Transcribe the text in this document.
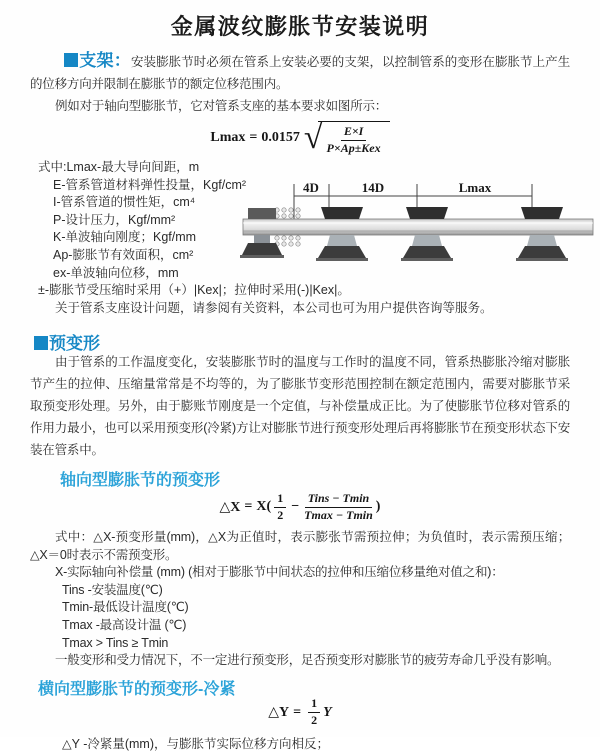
金属波纹膨胀节安装说明

支架：安装膨胀节时必须在管系上安装必要的支架，以控制管系的变形在膨胀节上产生的位移方向并限制在膨胀节的额定位移范围内。

例如对于轴向型膨胀节，它对管系支座的基本要求如图所示：

Lmax = 0.0157 √ $\frac{E\times I}{\text{P×Ap±Kex}}$
式中:Lmax-最大导向间距，m
E-管系管道材料弹性投量，Kgf/cm²
I-管系管道的惯性矩，cm⁴
P-设计压力，Kgf/mm²
K-单波轴向刚度；Kgf/mm
Ap-膨胀节有效面积，cm²
ex-单波轴向位移，mm
±-膨胀节受压缩时采用（+）|Kex|；拉伸时采用(-)|Kex|。
关于管系支座设计问题，请参阅有关资料，本公司也可为用户提供咨询等服务。
4D	14D	Lmax
预变形

由于管系的工作温度变化，安装膨胀节时的温度与工作时的温度不同，管系热膨胀冷缩对膨胀节产生的拉伸、压缩量常常是不均等的，为了膨胀节变形范围控制在额定范围内，需要对膨胀节采取预变形处理。另外，由于膨账节刚度是一个定值，与补偿量成正比。为了使膨胀节位移对管系的作用力最小，也可以采用预变形(冷紧)方让对膨胀节进行预变形处理后再将膨胀节在预变形状态下安装在管系中。

轴向型膨胀节的预变形
△X = $X( \frac{1}{2} - \frac{\text{Tins − Tmin}}{Tmax - Tmin}$ )
式中：△X-预变形量(mm)，△X为正值时，表示膨张节需预拉伸；为负值时，表示需预压缩；△X＝0时表示不需预变形。
X-实际轴向补偿量 (mm) (相对于膨胀节中间状态的拉伸和压缩位移量绝对值之和)：
Tins -安装温度(℃)
Tmin-最低设计温度(℃)
Tmax -最高设计温 (℃)
Tmax > Tins ≥ Tmin
一般变形和受力情况下，不一定进行预变形，足否预变形对膨胀节的疲劳寿命几乎没有影响。
横向型膨胀节的预变形-冷紧
△Y = $\frac{1}{2}$ Y
△Y -冷紧量(mm)，与膨胀节实际位移方向相反；
